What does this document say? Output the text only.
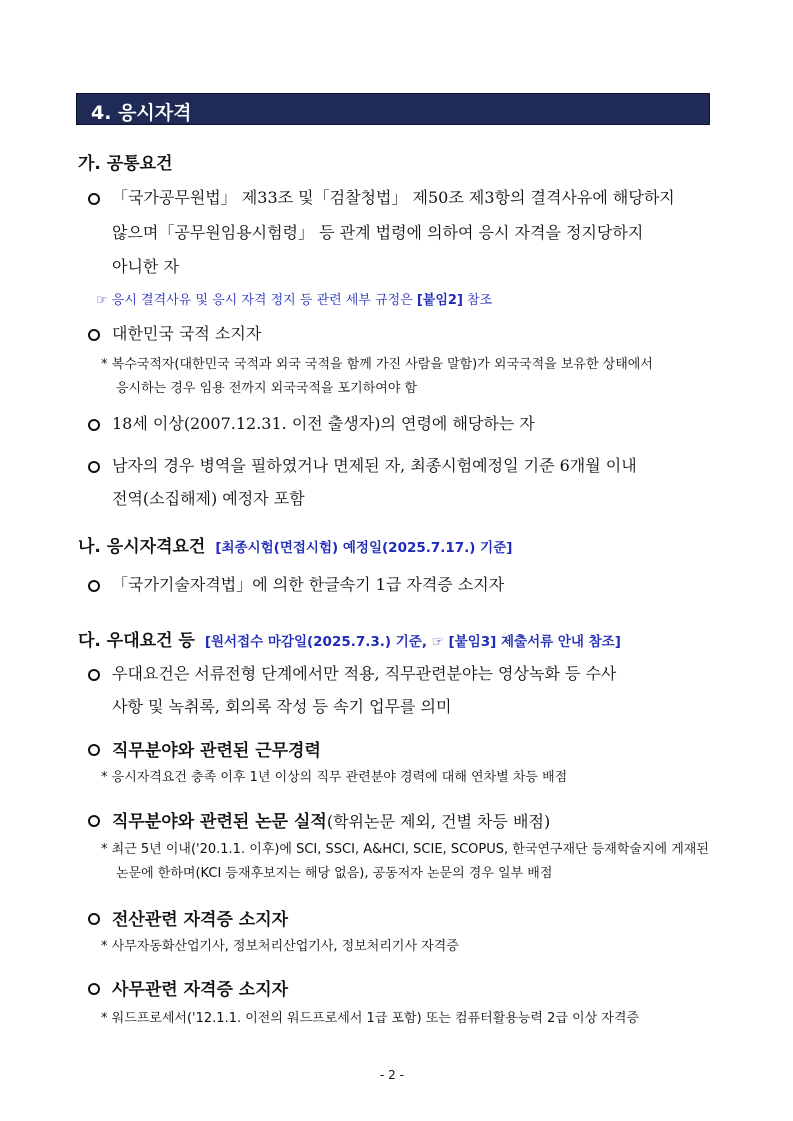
4. 응시자격
가. 공통요건
「국가공무원법」 제33조 및「검찰청법」 제50조 제3항의 결격사유에 해당하지
않으며「공무원임용시험령」 등 관계 법령에 의하여 응시 자격을 정지당하지
아니한 자
☞ 응시 결격사유 및 응시 자격 정지 등 관련 세부 규정은 [붙임2] 참조
대한민국 국적 소지자
* 복수국적자(대한민국 국적과 외국 국적을 함께 가진 사람을 말함)가 외국국적을 보유한 상태에서
응시하는 경우 임용 전까지 외국국적을 포기하여야 함
18세 이상(2007.12.31. 이전 출생자)의 연령에 해당하는 자
남자의 경우 병역을 필하였거나 면제된 자, 최종시험예정일 기준 6개월 이내
전역(소집해제) 예정자 포함
나. 응시자격요건 [최종시험(면접시험) 예정일(2025.7.17.) 기준]
「국가기술자격법」에 의한 한글속기 1급 자격증 소지자
다. 우대요건 등 [원서접수 마감일(2025.7.3.) 기준, ☞ [붙임3] 제출서류 안내 참조]
우대요건은 서류전형 단계에서만 적용, 직무관련분야는 영상녹화 등 수사
사항 및 녹취록, 회의록 작성 등 속기 업무를 의미
직무분야와 관련된 근무경력
* 응시자격요건 충족 이후 1년 이상의 직무 관련분야 경력에 대해 연차별 차등 배점
직무분야와 관련된 논문 실적(학위논문 제외, 건별 차등 배점)
* 최근 5년 이내('20.1.1. 이후)에 SCI, SSCI, A&HCI, SCIE, SCOPUS, 한국연구재단 등재학술지에 게재된
논문에 한하며(KCI 등재후보지는 해당 없음), 공동저자 논문의 경우 일부 배점
전산관련 자격증 소지자
* 사무자동화산업기사, 정보처리산업기사, 정보처리기사 자격증
사무관련 자격증 소지자
* 워드프로세서('12.1.1. 이전의 워드프로세서 1급 포함) 또는 컴퓨터활용능력 2급 이상 자격증
- 2 -
